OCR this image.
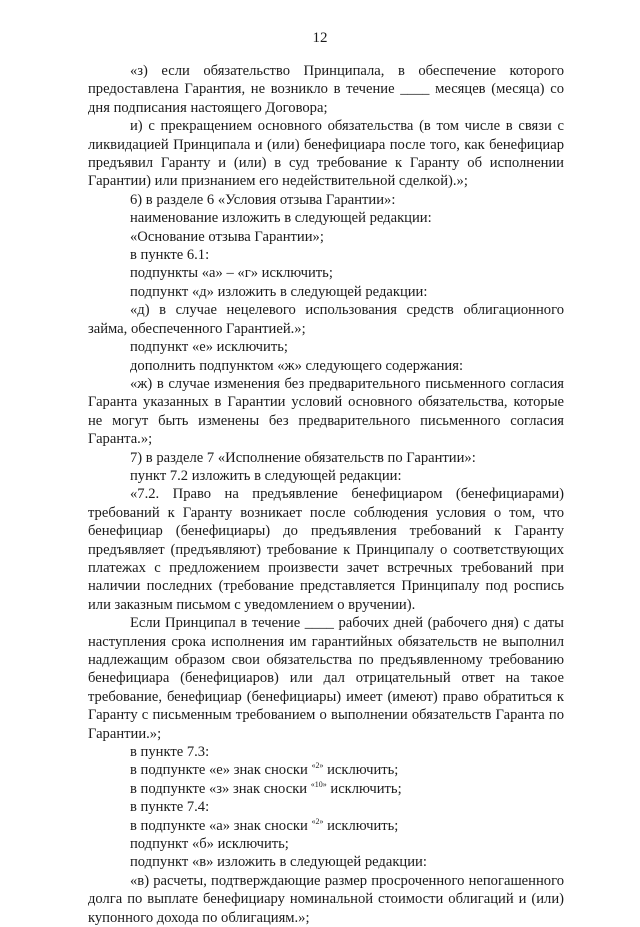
12

«з) если обязательство Принципала, в обеспечение которого предоставлена Гарантия, не возникло в течение ____ месяцев (месяца) со дня подписания настоящего Договора;

и) с прекращением основного обязательства (в том числе в связи с ликвидацией Принципала и (или) бенефициара после того, как бенефициар предъявил Гаранту и (или) в суд требование к Гаранту об исполнении Гарантии) или признанием его недействительной сделкой).»;

6) в разделе 6 «Условия отзыва Гарантии»:

наименование изложить в следующей редакции:

«Основание отзыва Гарантии»;

в пункте 6.1:

подпункты «а» – «г» исключить;

подпункт «д» изложить в следующей редакции:

«д) в случае нецелевого использования средств облигационного займа, обеспеченного Гарантией.»;

подпункт «е» исключить;

дополнить подпунктом «ж» следующего содержания:

«ж) в случае изменения без предварительного письменного согласия Гаранта указанных в Гарантии условий основного обязательства, которые не могут быть изменены без предварительного письменного согласия Гаранта.»;

7) в разделе 7 «Исполнение обязательств по Гарантии»:

пункт 7.2 изложить в следующей редакции:

«7.2. Право на предъявление бенефициаром (бенефициарами) требований к Гаранту возникает после соблюдения условия о том, что бенефициар (бенефициары) до предъявления требований к Гаранту предъявляет (предъявляют) требование к Принципалу о соответствующих платежах с предложением произвести зачет встречных требований при наличии последних (требование представляется Принципалу под роспись или заказным письмом с уведомлением о вручении).

Если Принципал в течение ____ рабочих дней (рабочего дня) с даты наступления срока исполнения им гарантийных обязательств не выполнил надлежащим образом свои обязательства по предъявленному требованию бенефициара (бенефициаров) или дал отрицательный ответ на такое требование, бенефициар (бенефициары) имеет (имеют) право обратиться к Гаранту с письменным требованием о выполнении обязательств Гаранта по Гарантии.»;

в пункте 7.3:

в подпункте «е» знак сноски $^{«2»}$ исключить;

в подпункте «з» знак сноски $^{«10»}$ исключить;

в пункте 7.4:

в подпункте «а» знак сноски $^{«2»}$ исключить;

подпункт «б» исключить;

подпункт «в» изложить в следующей редакции:

«в) расчеты, подтверждающие размер просроченного непогашенного долга по выплате бенефициару номинальной стоимости облигаций и (или) купонного дохода по облигациям.»;
